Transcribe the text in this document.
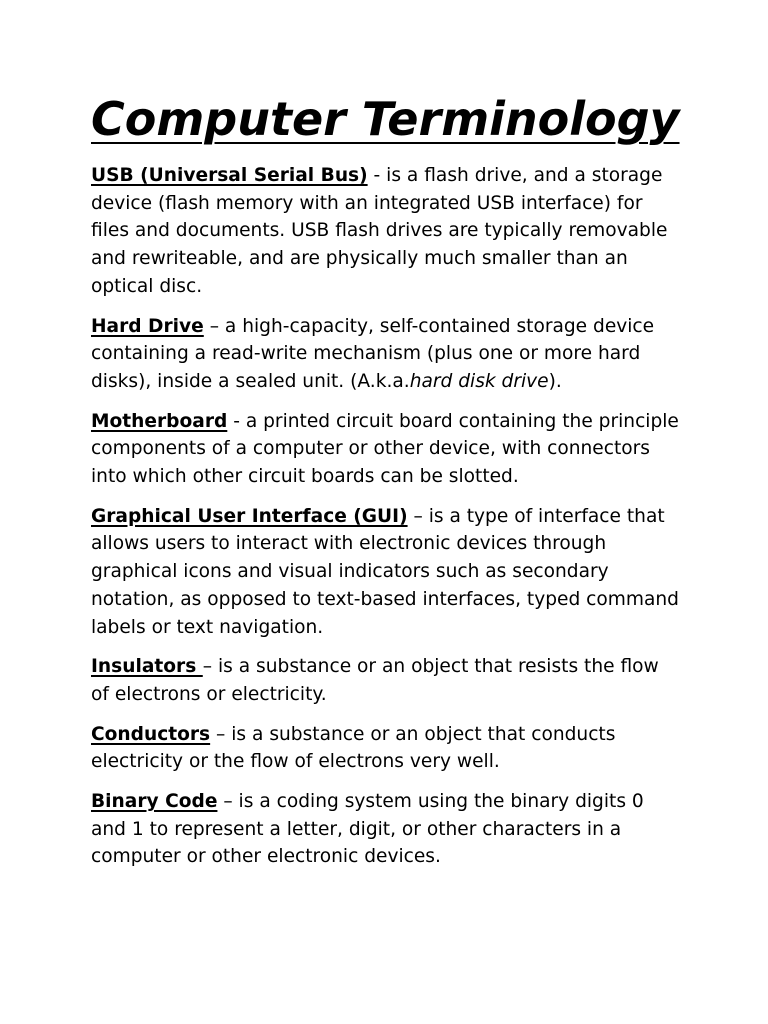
Computer Terminology

USB (Universal Serial Bus) - is a flash drive, and a storage device (flash memory with an integrated USB interface) for files and documents. USB flash drives are typically removable and rewriteable, and are physically much smaller than an optical disc.

Hard Drive – a high-capacity, self-contained storage device containing a read-write mechanism (plus one or more hard disks), inside a sealed unit. (A.k.a.hard disk drive).

Motherboard - a printed circuit board containing the principle components of a computer or other device, with connectors into which other circuit boards can be slotted.

Graphical User Interface (GUI) – is a type of interface that allows users to interact with electronic devices through graphical icons and visual indicators such as secondary notation, as opposed to text-based interfaces, typed command labels or text navigation.

Insulators – is a substance or an object that resists the flow of electrons or electricity.

Conductors – is a substance or an object that conducts electricity or the flow of electrons very well.

Binary Code – is a coding system using the binary digits 0 and 1 to represent a letter, digit, or other characters in a computer or other electronic devices.
